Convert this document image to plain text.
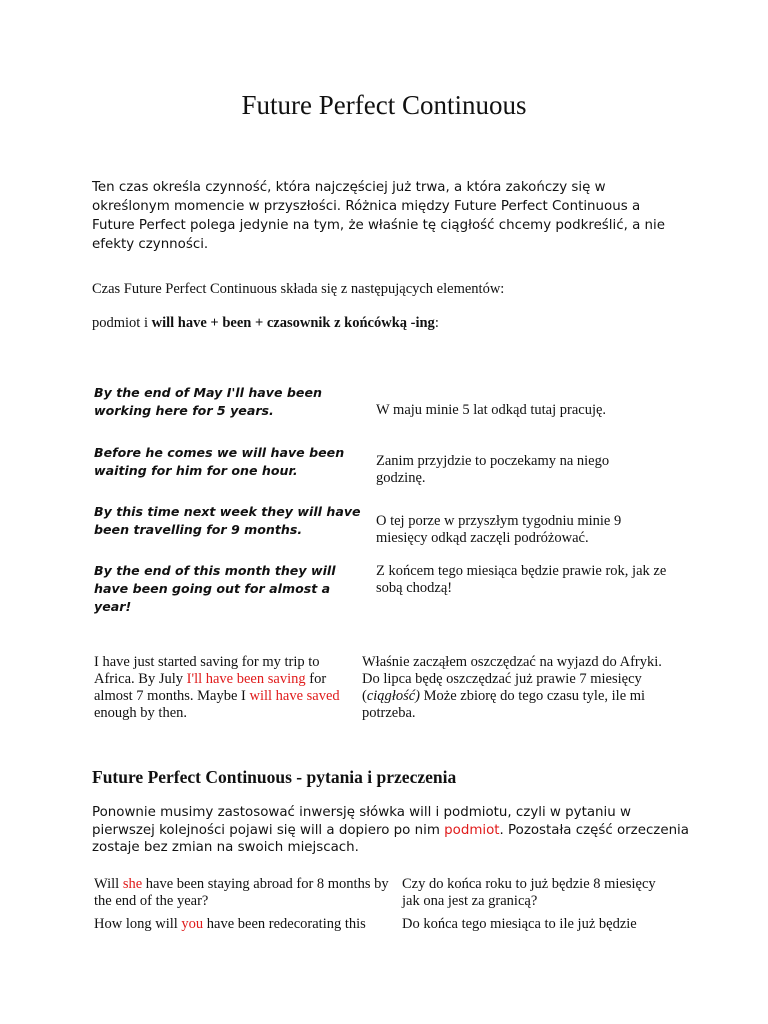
Future Perfect Continuous

Ten czas określa czynność, która najczęściej już trwa, a która zakończy się w określonym momencie w przyszłości. Różnica między Future Perfect Continuous a Future Perfect polega jedynie na tym, że właśnie tę ciągłość chcemy podkreślić, a nie efekty czynności.

Czas Future Perfect Continuous składa się z następujących elementów:

podmiot i will have + been + czasownik z końcówką -ing:

By the end of May I'll have been working here for 5 years.	W maju minie 5 lat odkąd tutaj pracuję.
Before he comes we will have been waiting for him for one hour.
Zanim przyjdzie to poczekamy na niego godzinę.
By this time next week they will have been travelling for 9 months.
O tej porze w przyszłym tygodniu minie 9 miesięcy odkąd zaczęli podróżować.
By the end of this month they will have been going out for almost a year!
Z końcem tego miesiąca będzie prawie rok, jak ze sobą chodzą!

I have just started saving for my trip to Africa. By July I'll have been saving for almost 7 months. Maybe I will have saved enough by then.

Właśnie zacząłem oszczędzać na wyjazd do Afryki. Do lipca będę oszczędzać już prawie 7 miesięcy (ciągłość) Może zbiorę do tego czasu tyle, ile mi potrzeba.

Future Perfect Continuous - pytania i przeczenia

Ponownie musimy zastosować inwersję słówka will i podmiotu, czyli w pytaniu w pierwszej kolejności pojawi się will a dopiero po nim podmiot. Pozostała część orzeczenia zostaje bez zmian na swoich miejscach.

Will she have been staying abroad for 8 months by the end of the year?

Czy do końca roku to już będzie 8 miesięcy jak ona jest za granicą?

How long will you have been redecorating this	Do końca tego miesiąca to ile już będzie
